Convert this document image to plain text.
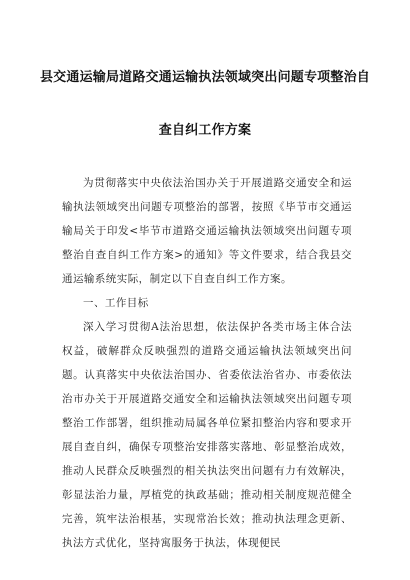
县交通运输局道路交通运输执法领域突出问题专项整治自
查自纠工作方案

为贯彻落实中央依法治国办关于开展道路交通安全和运输执法领域突出问题专项整治的部署，按照《毕节市交通运输局关于印发<毕节市道路交通运输执法领域突出问题专项整治自查自纠工作方案>的通知》等文件要求，结合我县交通运输系统实际，制定以下自查自纠工作方案。

一、工作目标

深入学习贯彻A法治思想，依法保护各类市场主体合法权益，破解群众反映强烈的道路交通运输执法领域突出问题。认真落实中央依法治国办、省委依法治省办、市委依法治市办关于开展道路交通安全和运输执法领域突出问题专项整治工作部署，组织推动局属各单位紧扣整治内容和要求开展自查自纠，确保专项整治安排落实落地、彰显整治成效，推动人民群众反映强烈的相关执法突出问题有力有效解决，彰显法治力量，厚植党的执政基础；推动相关制度规范健全完善，筑牢法治根基，实现常治长效；推动执法理念更新、执法方式优化，坚持寓服务于执法，体现便民
